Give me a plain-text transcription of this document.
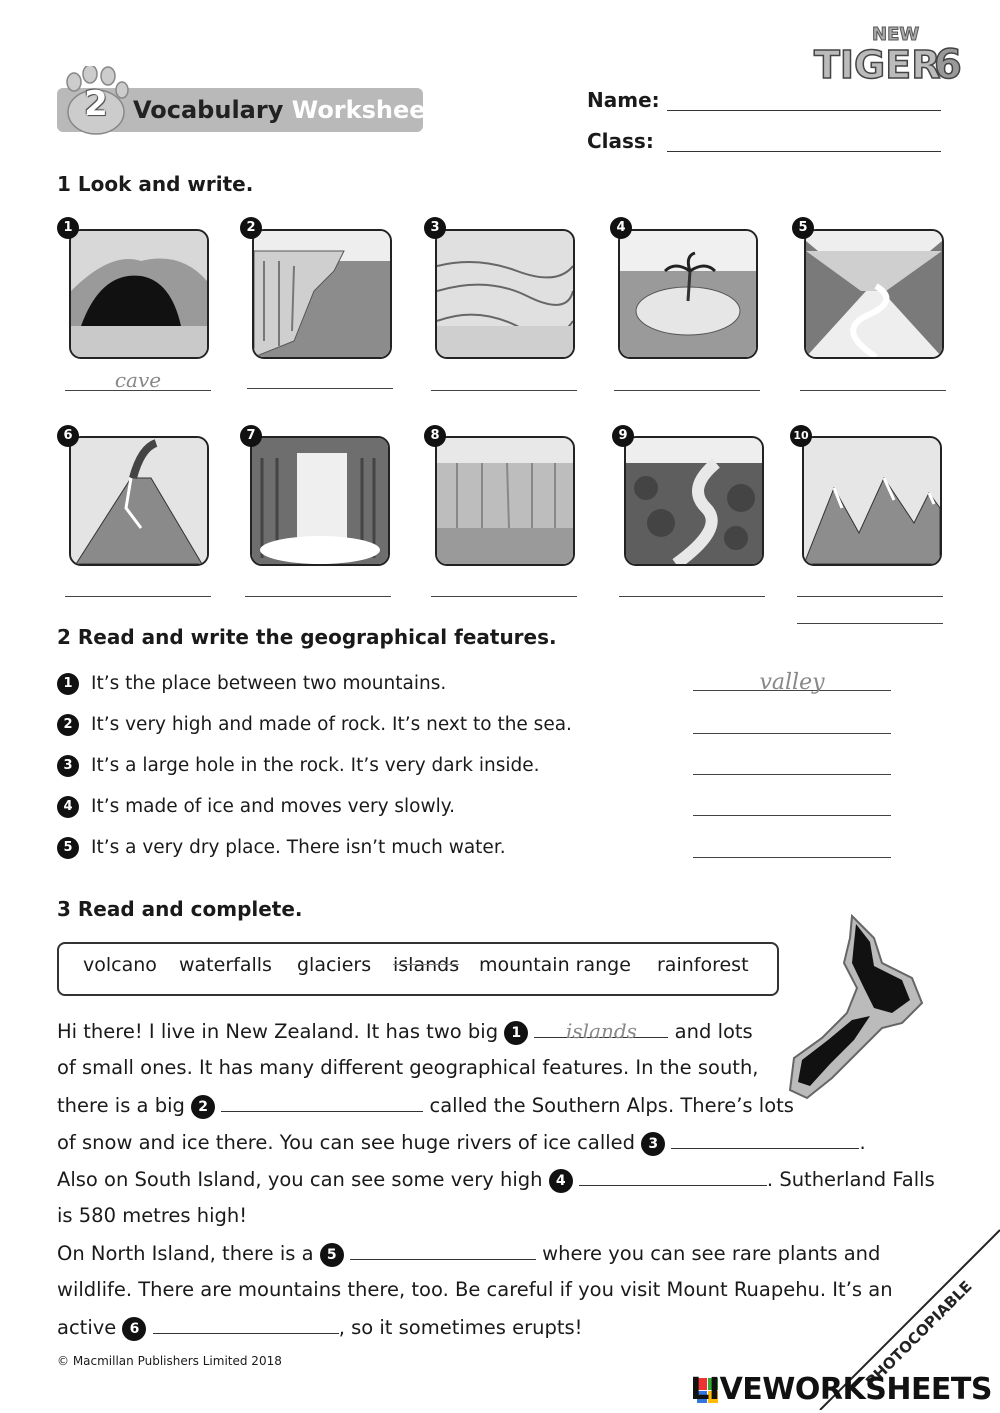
2 Vocabulary Worksheet
NEW
TIGER
6
Name:
Class:
1 Look and write.
cave
1	2	3	4	5
6	7	8	9	10
2 Read and write the geographical features.
1 It’s the place between two mountains.	valley
2 It’s very high and made of rock. It’s next to the sea.
3 It’s a large hole in the rock. It’s very dark inside.
4 It’s made of ice and moves very slowly.
5 It’s a very dry place. There isn’t much water.
3 Read and complete.
volcano waterfalls glaciers islands mountain range rainforest
Hi there! I live in New Zealand. It has two big 1 islands and lots
of small ones. It has many different geographical features. In the south,
there is a big 2	called the Southern Alps. There’s lots
of snow and ice there. You can see huge rivers of ice called 3	.
Also on South Island, you can see some very high 4	. Sutherland Falls
is 580 metres high!
On North Island, there is a 5	where you can see rare plants and
wildlife. There are mountains there, too. Be careful if you visit Mount Ruapehu. It’s an
active 6	, so it sometimes erupts!
© Macmillan Publishers Limited 2018	PHOTOCOPIABLE
LIVEWORKSHEETS
